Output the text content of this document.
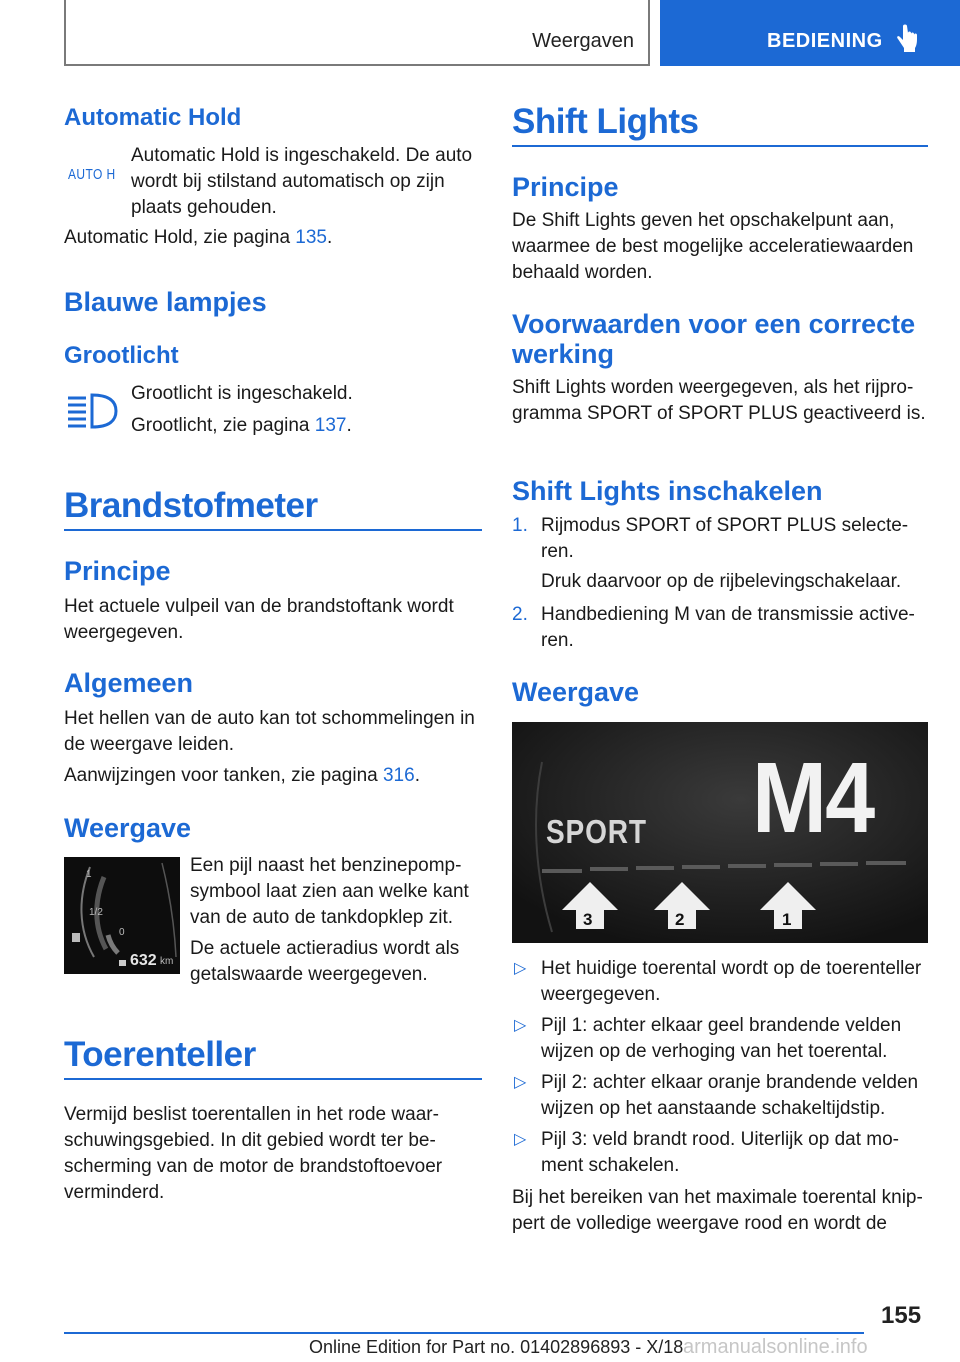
Weergaven	BEDIENING
Automatic Hold
AUTO H

Automatic Hold is ingeschakeld. De auto wordt bij stilstand automatisch op zijn plaats gehouden.

Automatic Hold, zie pagina 135.

Blauwe lampjes
Grootlicht

Grootlicht is ingeschakeld.

Grootlicht, zie pagina 137.

Brandstofmeter
Principe

Het actuele vulpeil van de brandstoftank wordt weergegeven.

Algemeen

Het hellen van de auto kan tot schommelingen in de weergave leiden.

Aanwijzingen voor tanken, zie pagina 316.

Weergave
1
1/2
0
632 km

Een pijl naast het benzinepompsymbool laat zien aan welke kant van de auto de tankdopklep zit.

De actuele actieradius wordt als getalswaarde weergegeven.

Toerenteller

Vermijd beslist toerentallen in het rode waarschuwingsgebied. In dit gebied wordt ter bescherming van de motor de brandstoftoevoer verminderd.

Shift Lights
Principe

De Shift Lights geven het opschakelpunt aan, waarmee de best mogelijke acceleratiewaarden behaald worden.

Voorwaarden voor een correcte werking

Shift Lights worden weergegeven, als het rijprogramma SPORT of SPORT PLUS geactiveerd is.

Shift Lights inschakelen
1. Rijmodus SPORT of SPORT PLUS selecteren.
Druk daarvoor op de rijbelevingschakelaar.
2. Handbediening M van de transmissie activeren.
Weergave
SPORT M4
3	2	1
▷ Het huidige toerental wordt op de toerenteller weergegeven.
▷ Pijl 1: achter elkaar geel brandende velden wijzen op de verhoging van het toerental.
▷ Pijl 2: achter elkaar oranje brandende velden wijzen op het aanstaande schakeltijdstip.
▷ Pijl 3: veld brandt rood. Uiterlijk op dat moment schakelen.

Bij het bereiken van het maximale toerental knippert de volledige weergave rood en wordt de

155
Online Edition for Part no. 01402896893 - X/18 armanualsonline.info
